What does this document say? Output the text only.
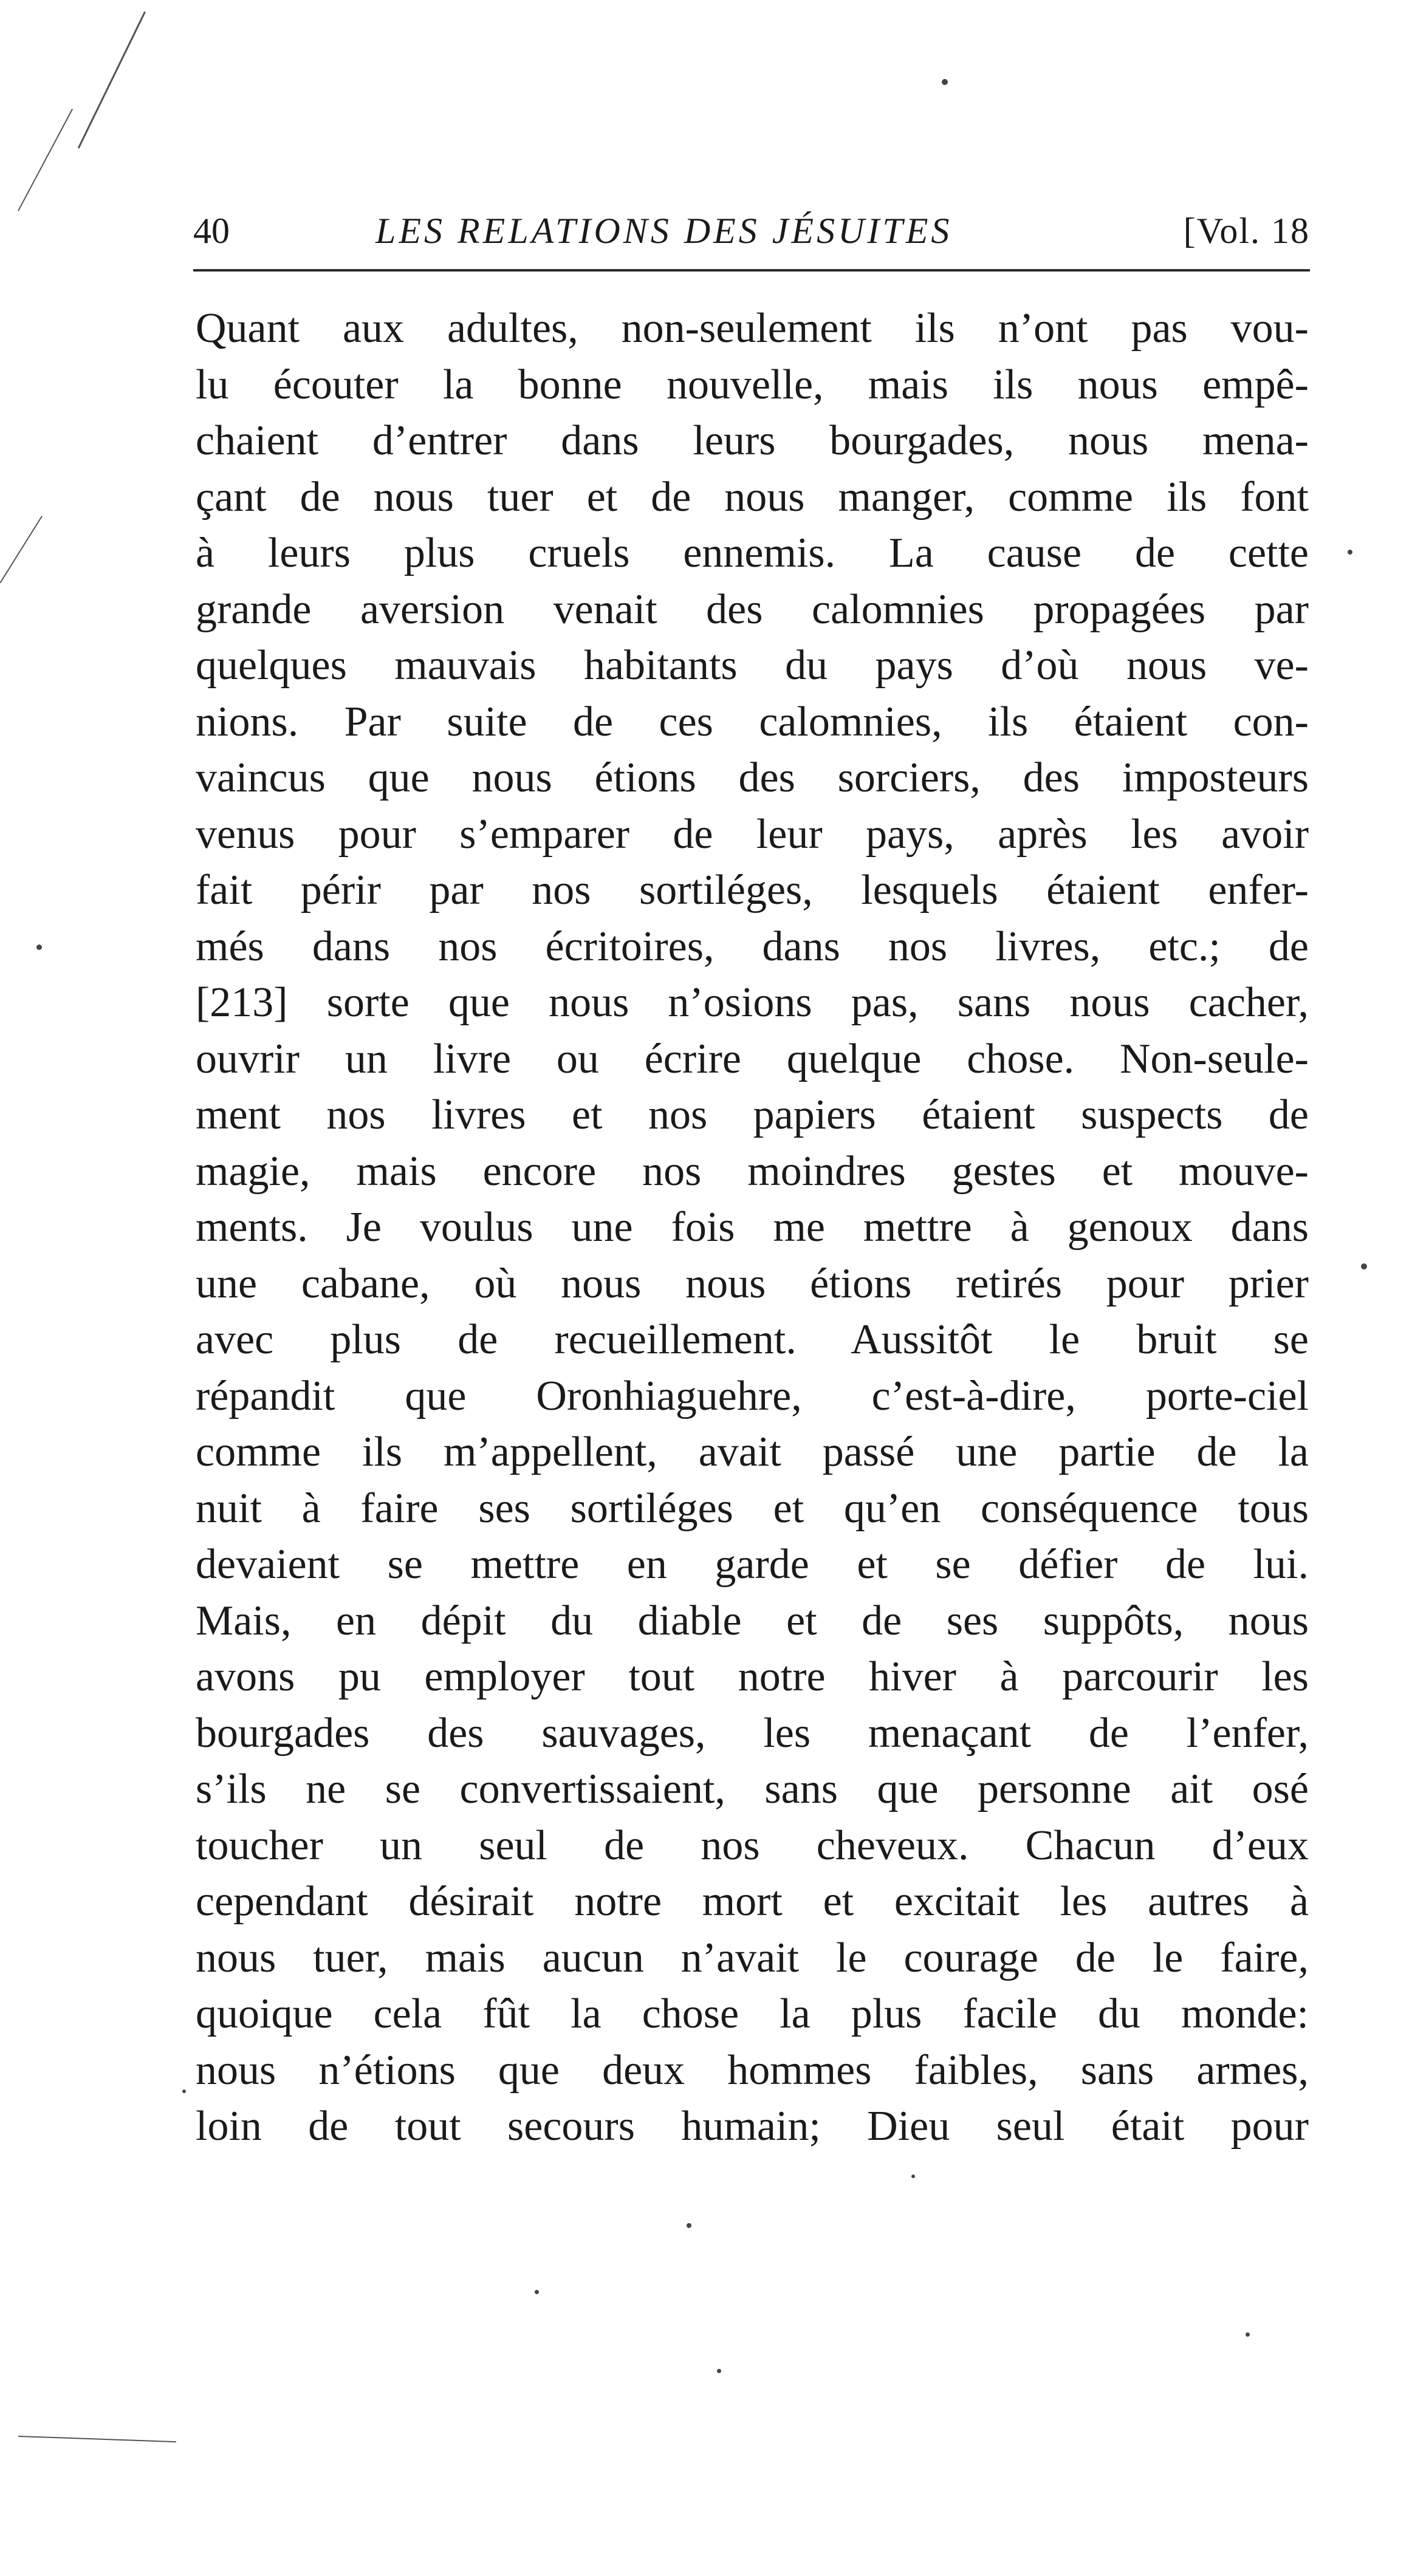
40	LES RELATIONS DES JÉSUITES	[Vol. 18
Quant aux adultes, non-seulement ils n’ont pas vou-
lu écouter la bonne nouvelle, mais ils nous empê-
chaient d’entrer dans leurs bourgades, nous mena-
çant de nous tuer et de nous manger, comme ils font
à leurs plus cruels ennemis. La cause de cette
grande aversion venait des calomnies propagées par
quelques mauvais habitants du pays d’où nous ve-
nions. Par suite de ces calomnies, ils étaient con-
vaincus que nous étions des sorciers, des imposteurs
venus pour s’emparer de leur pays, après les avoir
fait périr par nos sortiléges, lesquels étaient enfer-
més dans nos écritoires, dans nos livres, etc.; de
[213] sorte que nous n’osions pas, sans nous cacher,
ouvrir un livre ou écrire quelque chose. Non-seule-
ment nos livres et nos papiers étaient suspects de
magie, mais encore nos moindres gestes et mouve-
ments. Je voulus une fois me mettre à genoux dans
une cabane, où nous nous étions retirés pour prier
avec plus de recueillement. Aussitôt le bruit se
répandit que Oronhiaguehre, c’est-à-dire, porte-ciel
comme ils m’appellent, avait passé une partie de la
nuit à faire ses sortiléges et qu’en conséquence tous
devaient se mettre en garde et se défier de lui.
Mais, en dépit du diable et de ses suppôts, nous
avons pu employer tout notre hiver à parcourir les
bourgades des sauvages, les menaçant de l’enfer,
s’ils ne se convertissaient, sans que personne ait osé
toucher un seul de nos cheveux. Chacun d’eux
cependant désirait notre mort et excitait les autres à
nous tuer, mais aucun n’avait le courage de le faire,
quoique cela fût la chose la plus facile du monde:
nous n’étions que deux hommes faibles, sans armes,
loin de tout secours humain; Dieu seul était pour
